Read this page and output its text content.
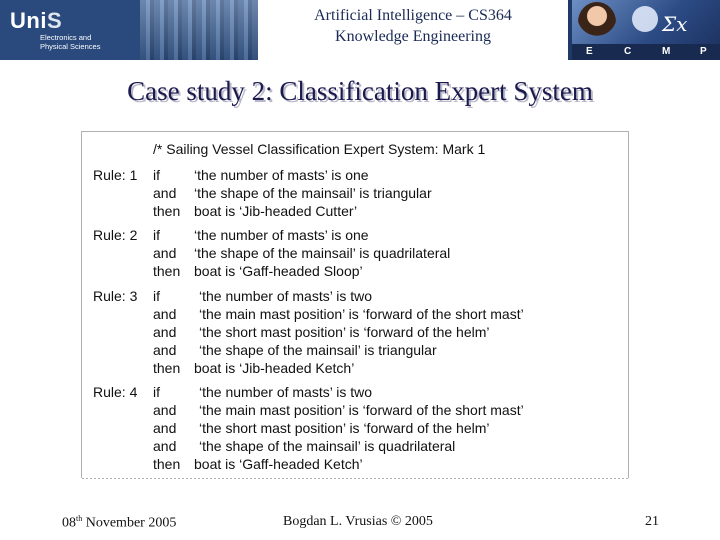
UniS
Electronics and
Physical Sciences
Artificial Intelligence – CS364
Knowledge Engineering
Σx
E	C	M	P
Case study 2: Classification Expert System
/* Sailing Vessel Classification Expert System: Mark 1
Rule: 1 if ‘the number of masts’ is one
and ‘the shape of the mainsail’ is triangular
then boat is ‘Jib-headed Cutter’
Rule: 2 if ‘the number of masts’ is one
and ‘the shape of the mainsail’ is quadrilateral
then boat is ‘Gaff-headed Sloop’
Rule: 3 if	‘the number of masts’ is two
and ‘the main mast position’ is ‘forward of the short mast’
and ‘the short mast position’ is ‘forward of the helm’
and ‘the shape of the mainsail’ is triangular
then boat is ‘Jib-headed Ketch’
Rule: 4 if	‘the number of masts’ is two
and ‘the main mast position’ is ‘forward of the short mast’
and ‘the short mast position’ is ‘forward of the helm’
and ‘the shape of the mainsail’ is quadrilateral
then boat is ‘Gaff-headed Ketch’
08th November 2005	Bogdan L. Vrusias © 2005	21
